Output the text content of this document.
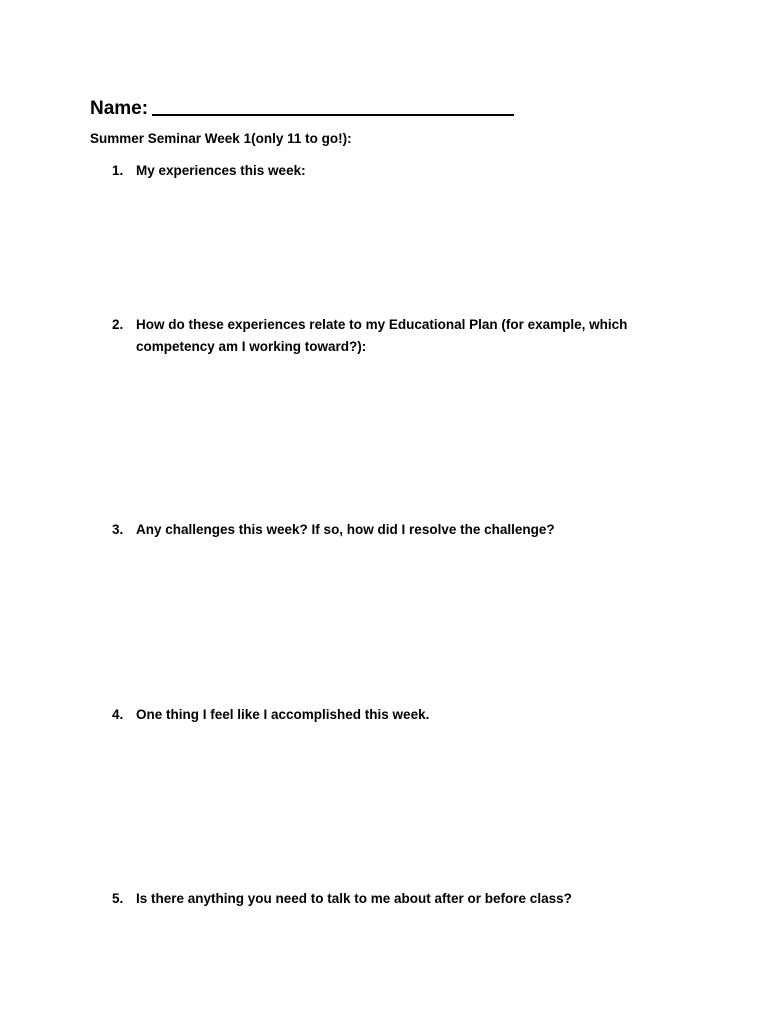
Name:
Summer Seminar Week 1(only 11 to go!):
1. My experiences this week:
2. How do these experiences relate to my Educational Plan (for example, which competency am I working toward?):
3. Any challenges this week? If so, how did I resolve the challenge?
4. One thing I feel like I accomplished this week.
5. Is there anything you need to talk to me about after or before class?
